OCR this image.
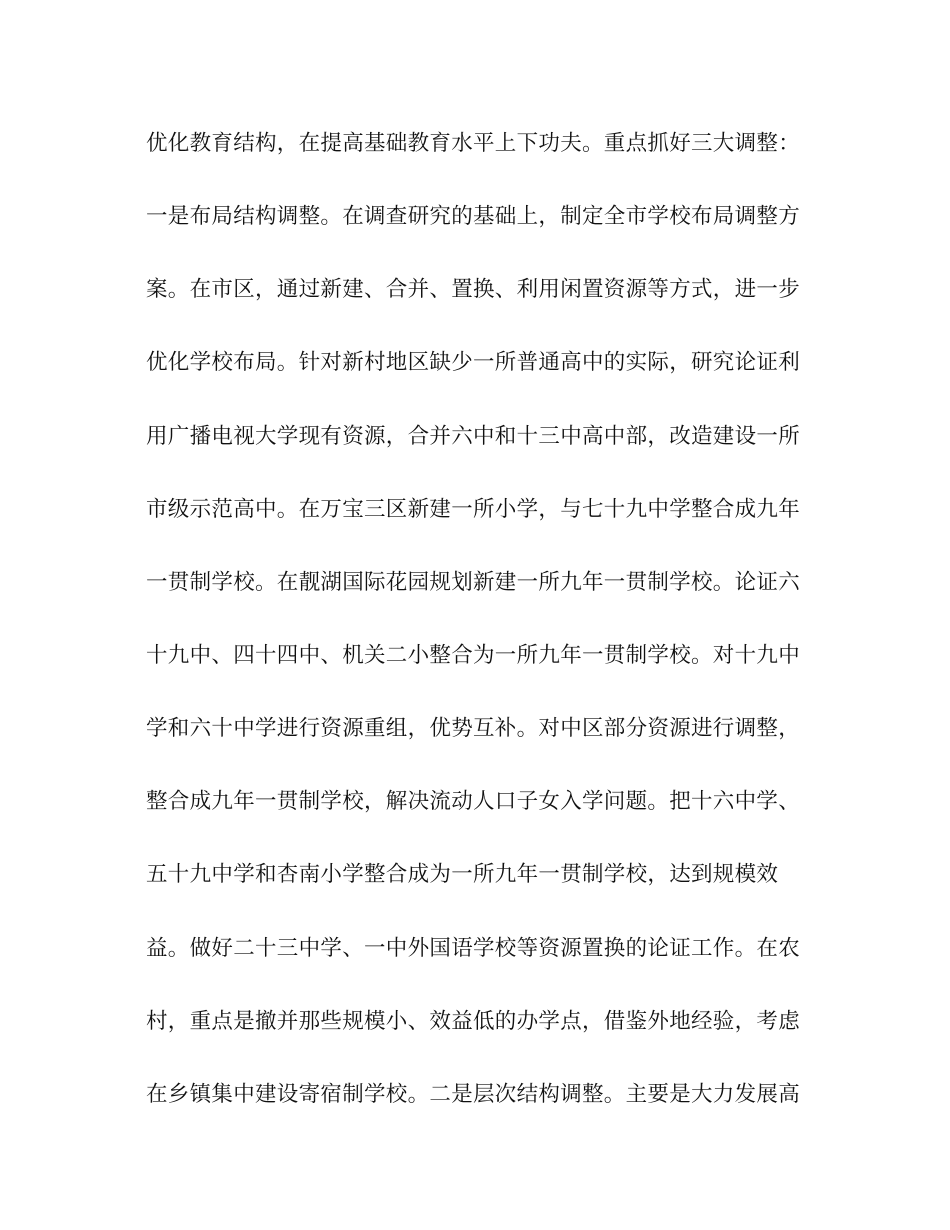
优化教育结构，在提高基础教育水平上下功夫。重点抓好三大调整：
一是布局结构调整。在调查研究的基础上，制定全市学校布局调整方
案。在市区，通过新建、合并、置换、利用闲置资源等方式，进一步
优化学校布局。针对新村地区缺少一所普通高中的实际，研究论证利
用广播电视大学现有资源，合并六中和十三中高中部，改造建设一所
市级示范高中。在万宝三区新建一所小学，与七十九中学整合成九年
一贯制学校。在靓湖国际花园规划新建一所九年一贯制学校。论证六
十九中、四十四中、机关二小整合为一所九年一贯制学校。对十九中
学和六十中学进行资源重组，优势互补。对中区部分资源进行调整，
整合成九年一贯制学校，解决流动人口子女入学问题。把十六中学、
五十九中学和杏南小学整合成为一所九年一贯制学校，达到规模效
益。做好二十三中学、一中外国语学校等资源置换的论证工作。在农
村，重点是撤并那些规模小、效益低的办学点，借鉴外地经验，考虑
在乡镇集中建设寄宿制学校。二是层次结构调整。主要是大力发展高
